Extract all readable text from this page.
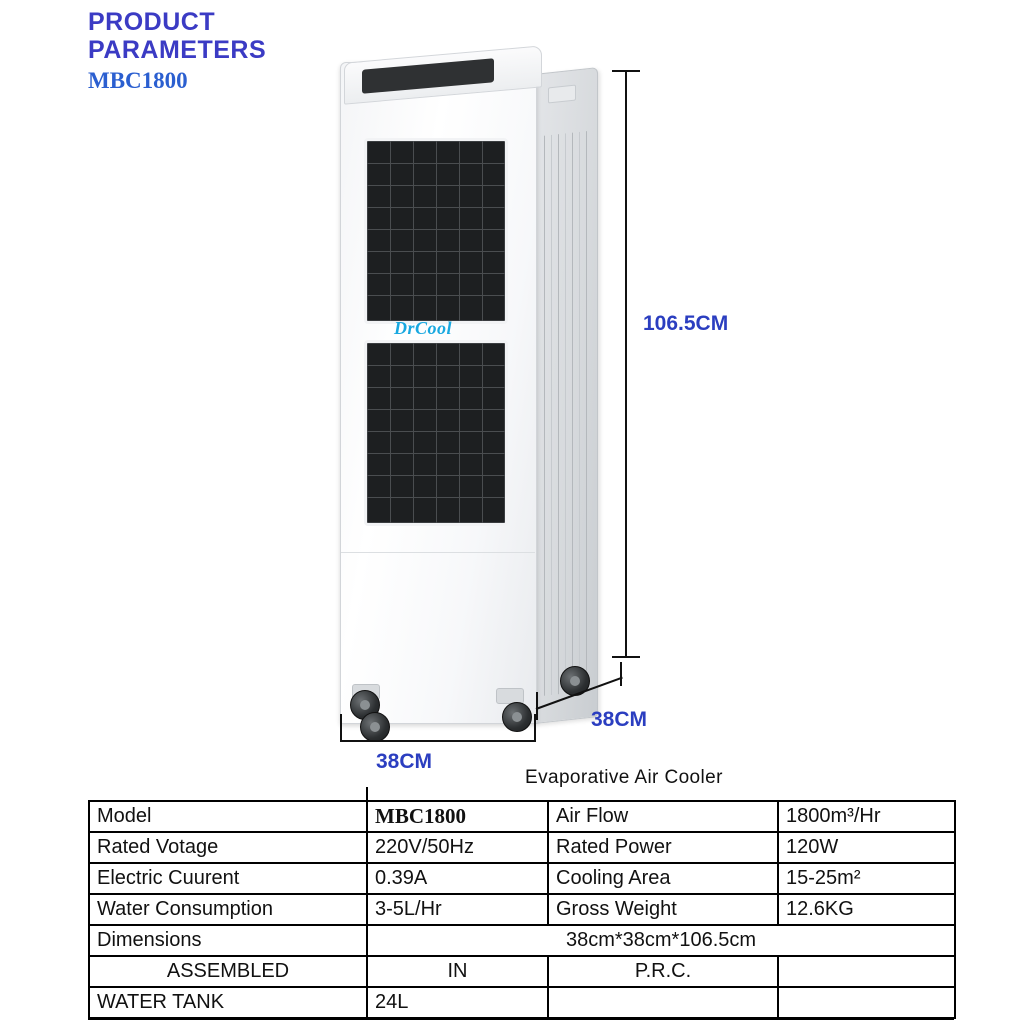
PRODUCT
PARAMETERS
MBC1800
DrCool	106.5CM
38CM
38CM
Evaporative Air Cooler
Model	MBC1800	Air Flow	1800m³/Hr
Rated Votage	220V/50Hz	Rated Power	120W
Electric Cuurent	0.39A	Cooling Area	15-25m²
Water Consumption	3-5L/Hr	Gross Weight	12.6KG
Dimensions	38cm*38cm*106.5cm		
ASSEMBLED	IN	P.R.C.	
WATER TANK	24L		
